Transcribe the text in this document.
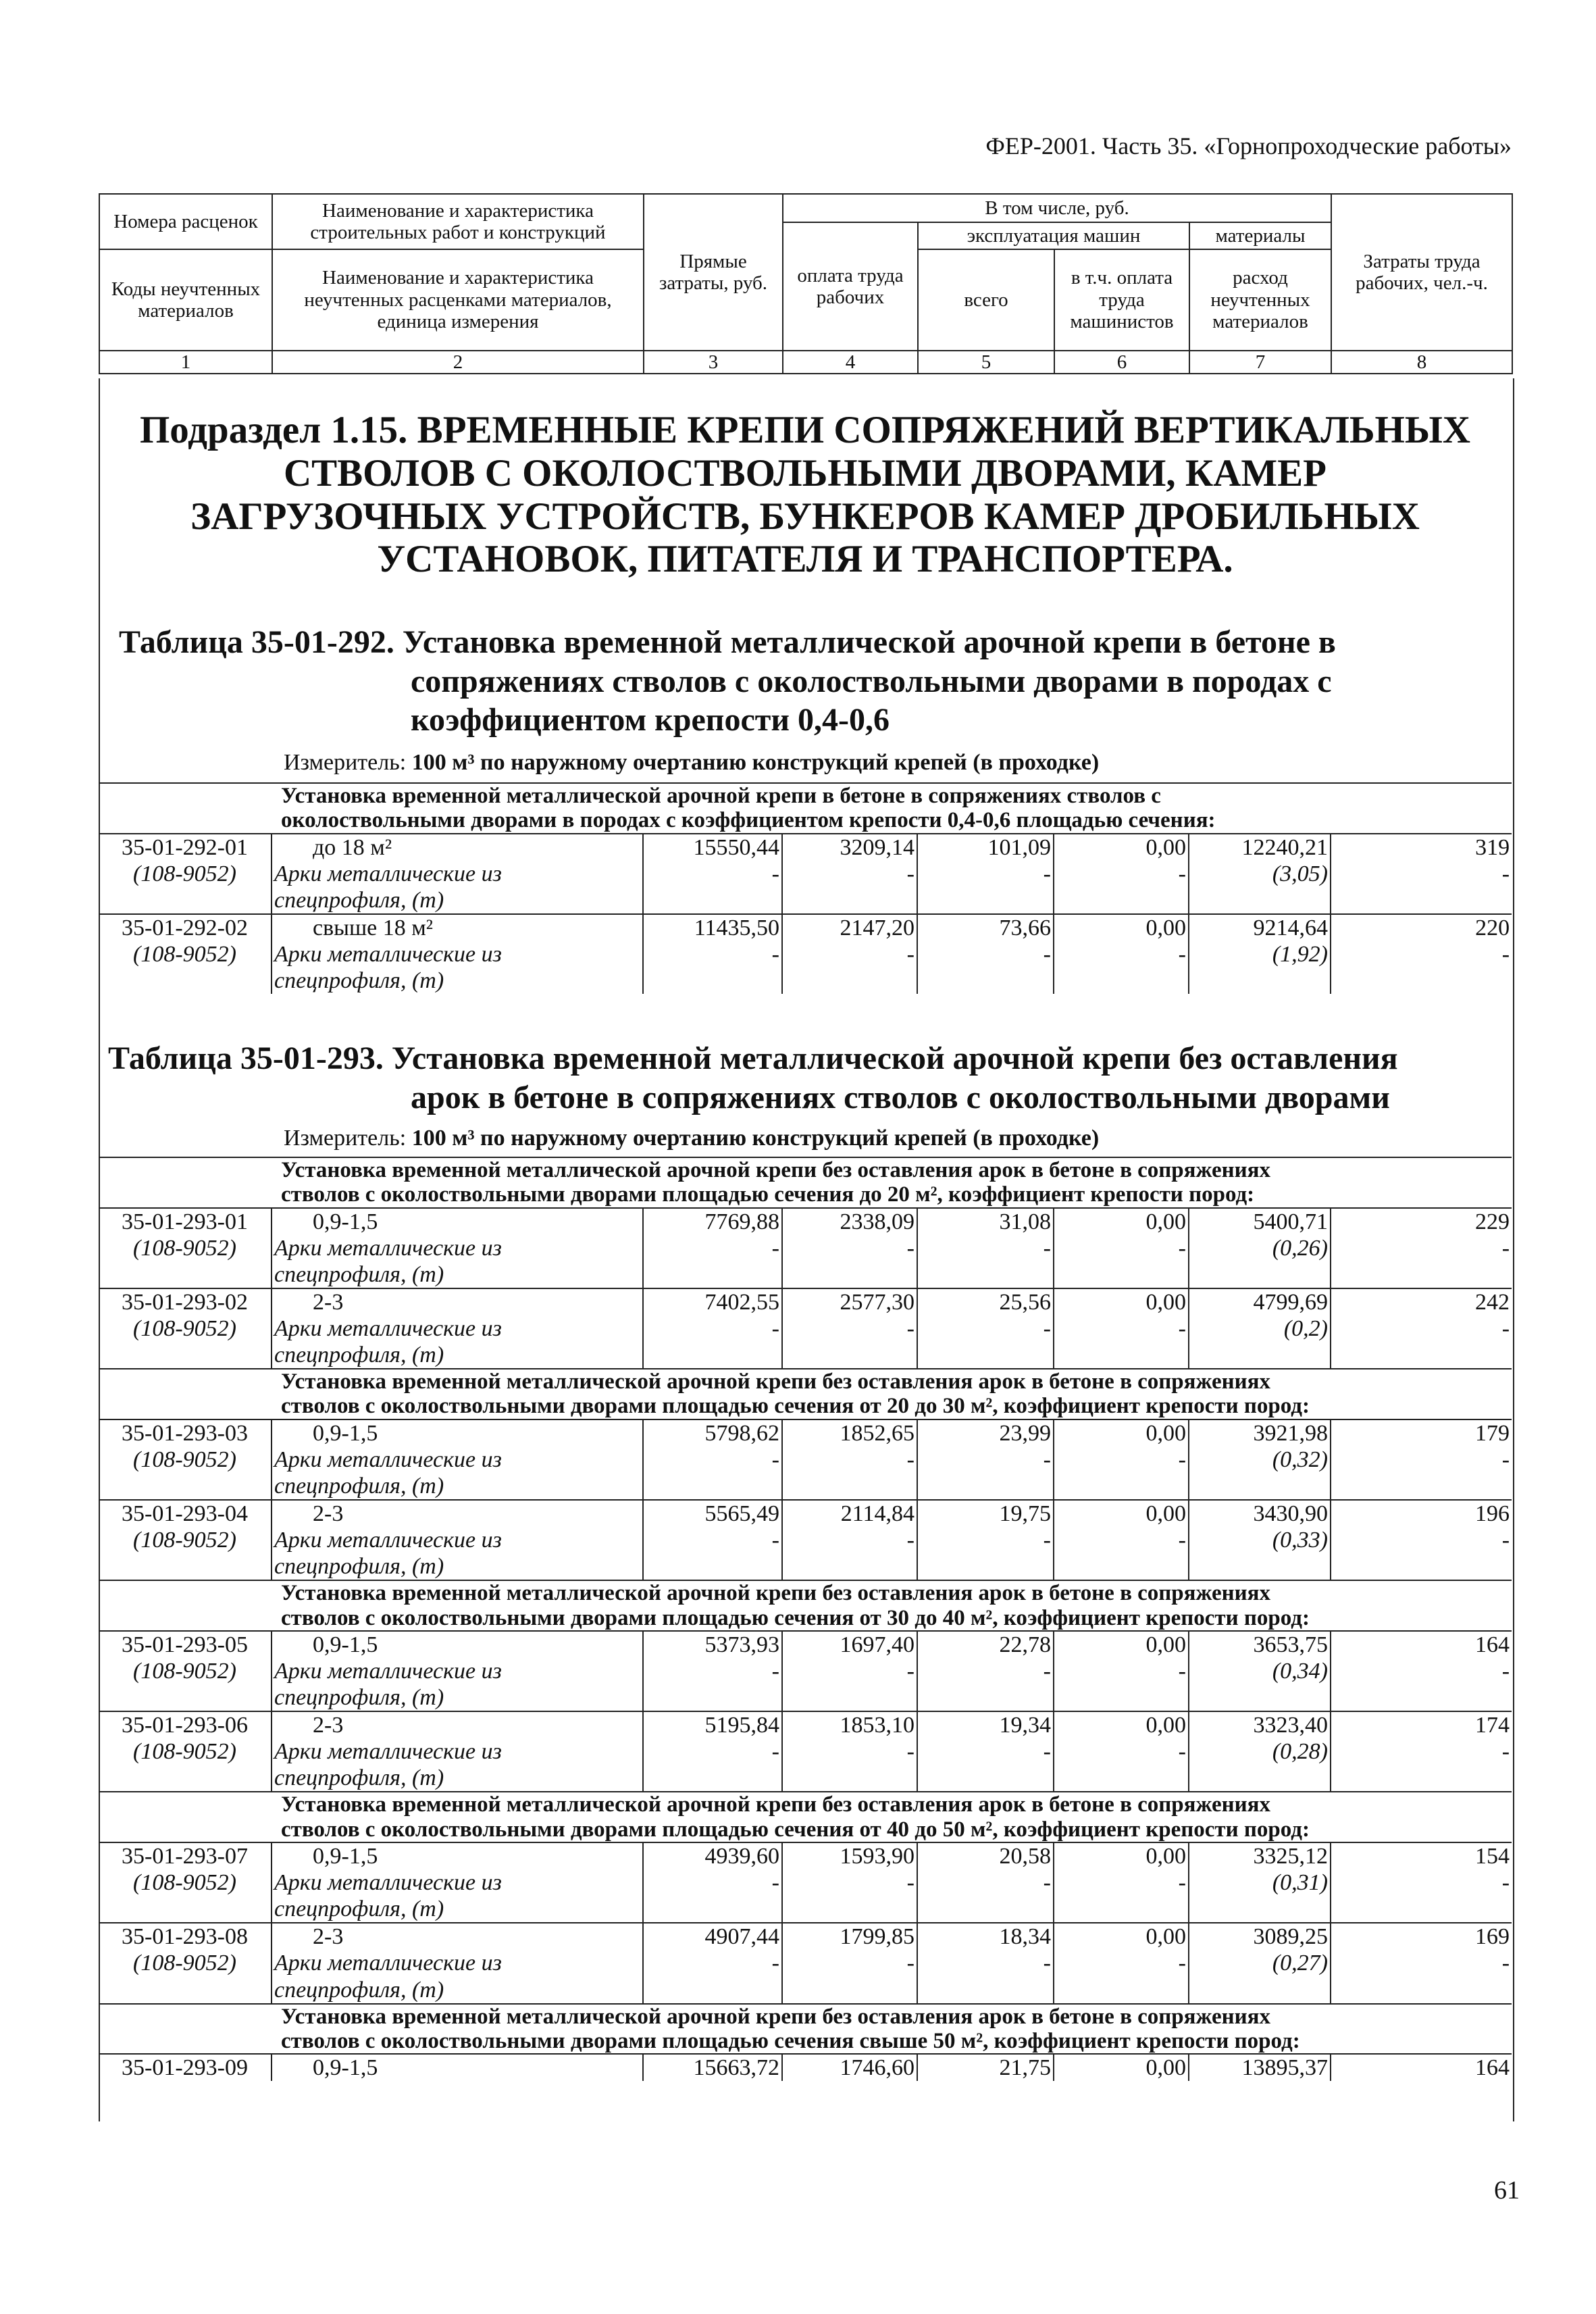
ФЕР-2001. Часть 35. «Горнопроходческие работы»
Номера расценок	Наименование и характеристика строительных работ и конструкций	Прямые затраты, руб.	В том числе, руб.				Затраты труда рабочих, чел.-ч.
			оплата труда рабочих	эксплуатация машин		материалы	
Коды неучтенных материалов	Наименование и характеристика неучтенных расценками материалов, единица измерения			всего	в т.ч. оплата труда машинистов	расход неучтенных материалов	

1	2	3	4	5	6	7	8
Подраздел 1.15. ВРЕМЕННЫЕ КРЕПИ СОПРЯЖЕНИЙ ВЕРТИКАЛЬНЫХ
СТВОЛОВ С ОКОЛОСТВОЛЬНЫМИ ДВОРАМИ, КАМЕР
ЗАГРУЗОЧНЫХ УСТРОЙСТВ, БУНКЕРОВ КАМЕР ДРОБИЛЬНЫХ
УСТАНОВОК, ПИТАТЕЛЯ И ТРАНСПОРТЕРА.
Таблица 35-01-292. Установка временной металлической арочной крепи в бетоне в
сопряжениях стволов с околоствольными дворами в породах с
коэффициентом крепости 0,4-0,6
Измеритель: 100 м³ по наружному очертанию конструкций крепей (в проходке)
Установка временной металлической арочной крепи в бетоне в сопряжениях стволов с
околоствольными дворами в породах с коэффициентом крепости 0,4-0,6 площадью сечения:							

35-01-292-01	до 18 м²	15550,44	3209,14	101,09	0,00	12240,21	319
(108-9052)	Арки металлические из
спецпрофиля, (т)	-	-	-	-	(3,05)	-
35-01-292-02	свыше 18 м²	11435,50	2147,20	73,66	0,00	9214,64	220
(108-9052)	Арки металлические из
спецпрофиля, (т)	-	-	-	-	(1,92)	-
Таблица 35-01-293. Установка временной металлической арочной крепи без оставления
арок в бетоне в сопряжениях стволов с околоствольными дворами
Измеритель: 100 м³ по наружному очертанию конструкций крепей (в проходке)
Установка временной металлической арочной крепи без оставления арок в бетоне в сопряжениях
стволов с околоствольными дворами площадью сечения до 20 м², коэффициент крепости пород:							

35-01-293-01	0,9-1,5	7769,88	2338,09	31,08	0,00	5400,71	229
(108-9052)	Арки металлические из
спецпрофиля, (т)	-	-	-	-	(0,26)	-
35-01-293-02	2-3	7402,55	2577,30	25,56	0,00	4799,69	242
(108-9052)	Арки металлические из
спецпрофиля, (т)	-	-	-	-	(0,2)	-

Установка временной металлической арочной крепи без оставления арок в бетоне в сопряжениях
стволов с околоствольными дворами площадью сечения от 20 до 30 м², коэффициент крепости пород:							

35-01-293-03	0,9-1,5	5798,62	1852,65	23,99	0,00	3921,98	179
(108-9052)	Арки металлические из
спецпрофиля, (т)	-	-	-	-	(0,32)	-
35-01-293-04	2-3	5565,49	2114,84	19,75	0,00	3430,90	196
(108-9052)	Арки металлические из
спецпрофиля, (т)	-	-	-	-	(0,33)	-

Установка временной металлической арочной крепи без оставления арок в бетоне в сопряжениях
стволов с околоствольными дворами площадью сечения от 30 до 40 м², коэффициент крепости пород:							

35-01-293-05	0,9-1,5	5373,93	1697,40	22,78	0,00	3653,75	164
(108-9052)	Арки металлические из
спецпрофиля, (т)	-	-	-	-	(0,34)	-
35-01-293-06	2-3	5195,84	1853,10	19,34	0,00	3323,40	174
(108-9052)	Арки металлические из
спецпрофиля, (т)	-	-	-	-	(0,28)	-

Установка временной металлической арочной крепи без оставления арок в бетоне в сопряжениях
стволов с околоствольными дворами площадью сечения от 40 до 50 м², коэффициент крепости пород:							

35-01-293-07	0,9-1,5	4939,60	1593,90	20,58	0,00	3325,12	154
(108-9052)	Арки металлические из
спецпрофиля, (т)	-	-	-	-	(0,31)	-
35-01-293-08	2-3	4907,44	1799,85	18,34	0,00	3089,25	169
(108-9052)	Арки металлические из
спецпрофиля, (т)	-	-	-	-	(0,27)	-

Установка временной металлической арочной крепи без оставления арок в бетоне в сопряжениях
стволов с околоствольными дворами площадью сечения свыше 50 м², коэффициент крепости пород:							

35-01-293-09	0,9-1,5	15663,72	1746,60	21,75	0,00	13895,37	164
61
